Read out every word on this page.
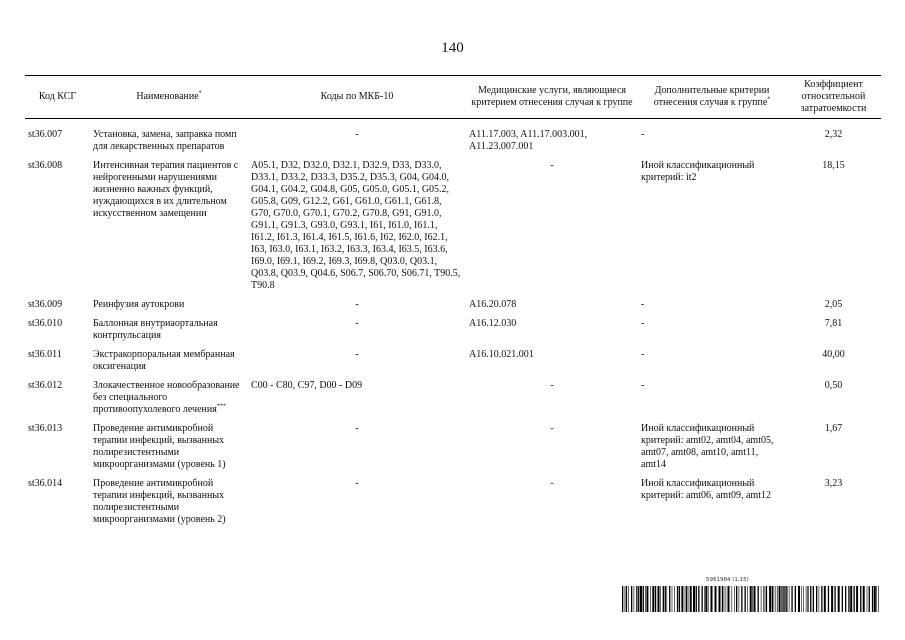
140
Код КСГ	Наименование*	Коды по МКБ-10	Медицинские услуги, являющиеся критерием отнесения случая к группе	Дополнительные критерии отнесения случая к группе*	Коэффициент относительной затратоемкости

st36.007	Установка, замена, заправка помп для лекарственных препаратов	-	A11.17.003, A11.17.003.001, A11.23.007.001	-	2,32
st36.008	Интенсивная терапия пациентов с нейрогенными нарушениями жизненно важных функций, нуждающихся в их длительном искусственном замещении	A05.1, D32, D32.0, D32.1, D32.9, D33, D33.0, D33.1, D33.2, D33.3, D35.2, D35.3, G04, G04.0, G04.1, G04.2, G04.8, G05, G05.0, G05.1, G05.2, G05.8, G09, G12.2, G61, G61.0, G61.1, G61.8, G70, G70.0, G70.1, G70.2, G70.8, G91, G91.0, G91.1, G91.3, G93.0, G93.1, I61, I61.0, I61.1, I61.2, I61.3, I61.4, I61.5, I61.6, I62, I62.0, I62.1, I63, I63.0, I63.1, I63.2, I63.3, I63.4, I63.5, I63.6, I69.0, I69.1, I69.2, I69.3, I69.8, Q03.0, Q03.1, Q03.8, Q03.9, Q04.6, S06.7, S06.70, S06.71, T90.5, T90.8	-	Иной классификационный критерий: it2	18,15
st36.009	Реинфузия аутокрови	-	A16.20.078	-	2,05
st36.010	Баллонная внутриаортальная контрпульсация	-	A16.12.030	-	7,81
st36.011	Экстракорпоральная мембранная оксигенация	-	A16.10.021.001	-	40,00
st36.012	Злокачественное новообразование без специального противоопухолевого лечения***	C00 - C80, C97, D00 - D09	-	-	0,50
st36.013	Проведение антимикробной терапии инфекций, вызванных полирезистентными микроорганизмами (уровень 1)	-	-	Иной классификационный критерий: amt02, amt04, amt05, amt07, amt08, amt10, amt11, amt14	1,67
st36.014	Проведение антимикробной терапии инфекций, вызванных полирезистентными микроорганизмами (уровень 2)	-	-	Иной классификационный критерий: amt06, amt09, amt12	3,23
5961984 (1.15)
